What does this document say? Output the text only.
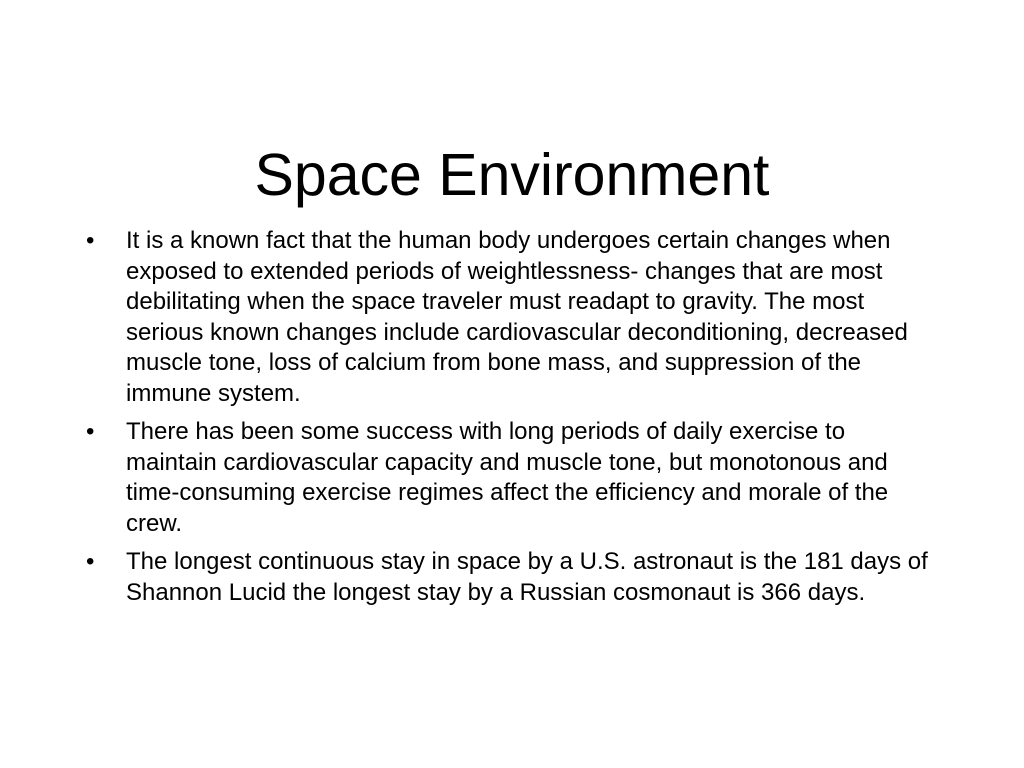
Space Environment
•	It is a known fact that the human body undergoes certain changes when exposed to extended periods of weightlessness- changes that are most debilitating when the space traveler must readapt to gravity. The most serious known changes include cardiovascular deconditioning, decreased muscle tone, loss of calcium from bone mass, and suppression of the immune system.
•	There has been some success with long periods of daily exercise to maintain cardiovascular capacity and muscle tone, but monotonous and time-consuming exercise regimes affect the efficiency and morale of the crew.
•	The longest continuous stay in space by a U.S. astronaut is the 181 days of Shannon Lucid the longest stay by a Russian cosmonaut is 366 days.
